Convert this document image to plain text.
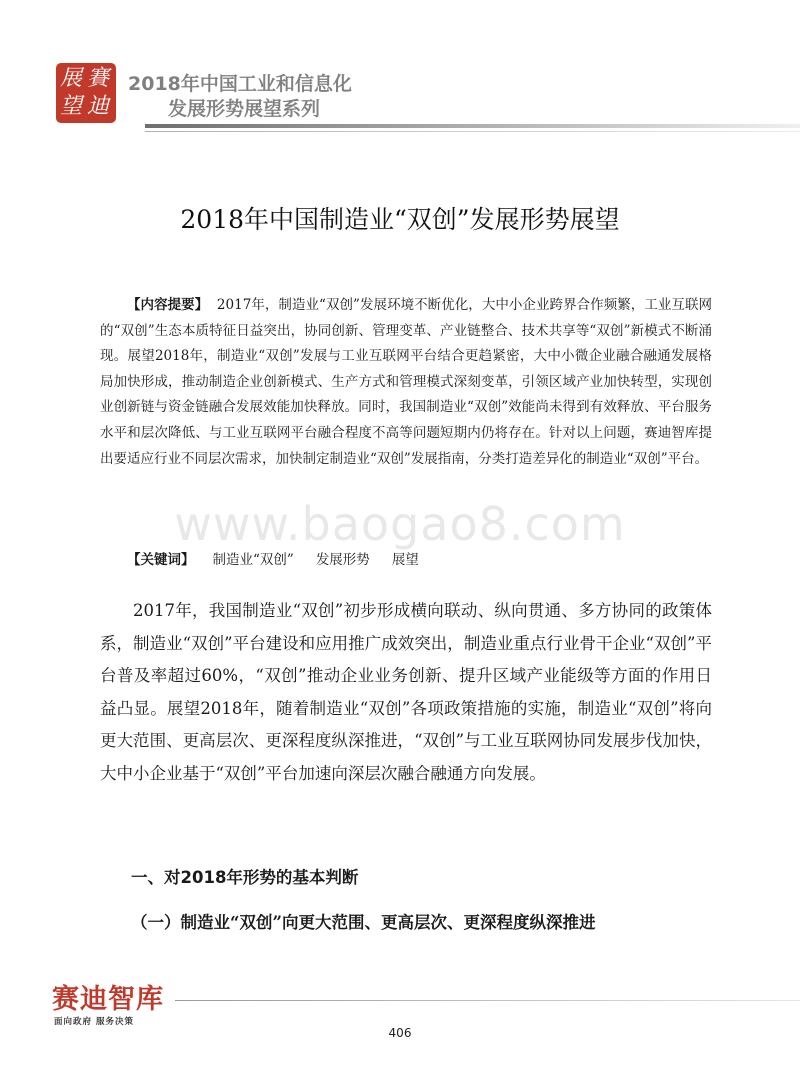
展 賽
望 迪
2018年中国工业和信息化
发展形势展望系列
2018年中国制造业“双创”发展形势展望
www.baogao8.com

【内容提要】 2017年，制造业“双创”发展环境不断优化，大中小企业跨界合作频繁，工业互联网的“双创”生态本质特征日益突出，协同创新、管理变革、产业链整合、技术共享等“双创”新模式不断涌现。展望2018年，制造业“双创”发展与工业互联网平台结合更趋紧密，大中小微企业融合融通发展格局加快形成，推动制造企业创新模式、生产方式和管理模式深刻变革，引领区域产业加快转型，实现创业创新链与资金链融合发展效能加快释放。同时，我国制造业“双创”效能尚未得到有效释放、平台服务水平和层次降低、与工业互联网平台融合程度不高等问题短期内仍将存在。针对以上问题，赛迪智库提出要适应行业不同层次需求，加快制定制造业“双创”发展指南，分类打造差异化的制造业“双创”平台。

【关键词】 制造业“双创” 发展形势 展望

2017年，我国制造业“双创”初步形成横向联动、纵向贯通、多方协同的政策体系，制造业“双创”平台建设和应用推广成效突出，制造业重点行业骨干企业“双创”平台普及率超过60%，“双创”推动企业业务创新、提升区域产业能级等方面的作用日益凸显。展望2018年，随着制造业“双创”各项政策措施的实施，制造业“双创”将向更大范围、更高层次、更深程度纵深推进，“双创”与工业互联网协同发展步伐加快，大中小企业基于“双创”平台加速向深层次融合融通方向发展。

一、对2018年形势的基本判断
（一）制造业“双创”向更大范围、更高层次、更深程度纵深推进
赛迪智库
面向政府 服务决策
406
